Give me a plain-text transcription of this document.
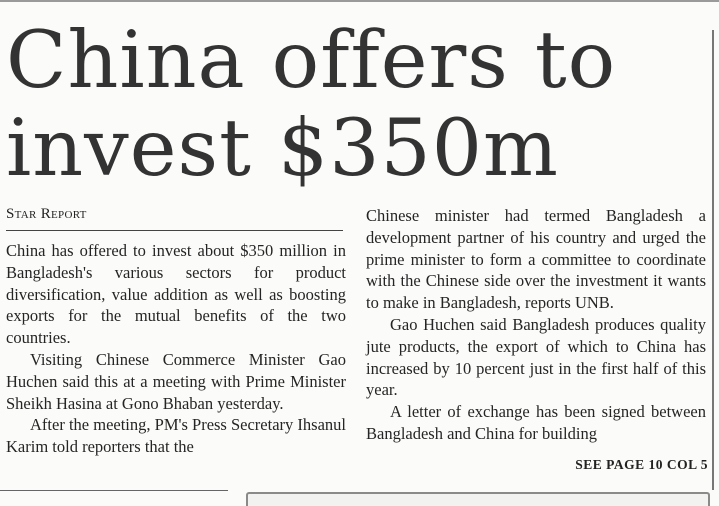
China offers to
invest $350m
Star Report

China has offered to invest about $350 million in Bangladesh's various sectors for product diversification, value addition as well as boosting exports for the mutual benefits of the two countries.

Visiting Chinese Commerce Minister Gao Huchen said this at a meeting with Prime Minister Sheikh Hasina at Gono Bhaban yesterday.

After the meeting, PM's Press Secretary Ihsanul Karim told reporters that the

Chinese minister had termed Bangladesh a development partner of his country and urged the prime minister to form a committee to coordinate with the Chinese side over the investment it wants to make in Bangladesh, reports UNB.

Gao Huchen said Bangladesh produces quality jute products, the export of which to China has increased by 10 percent just in the first half of this year.

A letter of exchange has been signed between Bangladesh and China for building

SEE PAGE 10 COL 5
